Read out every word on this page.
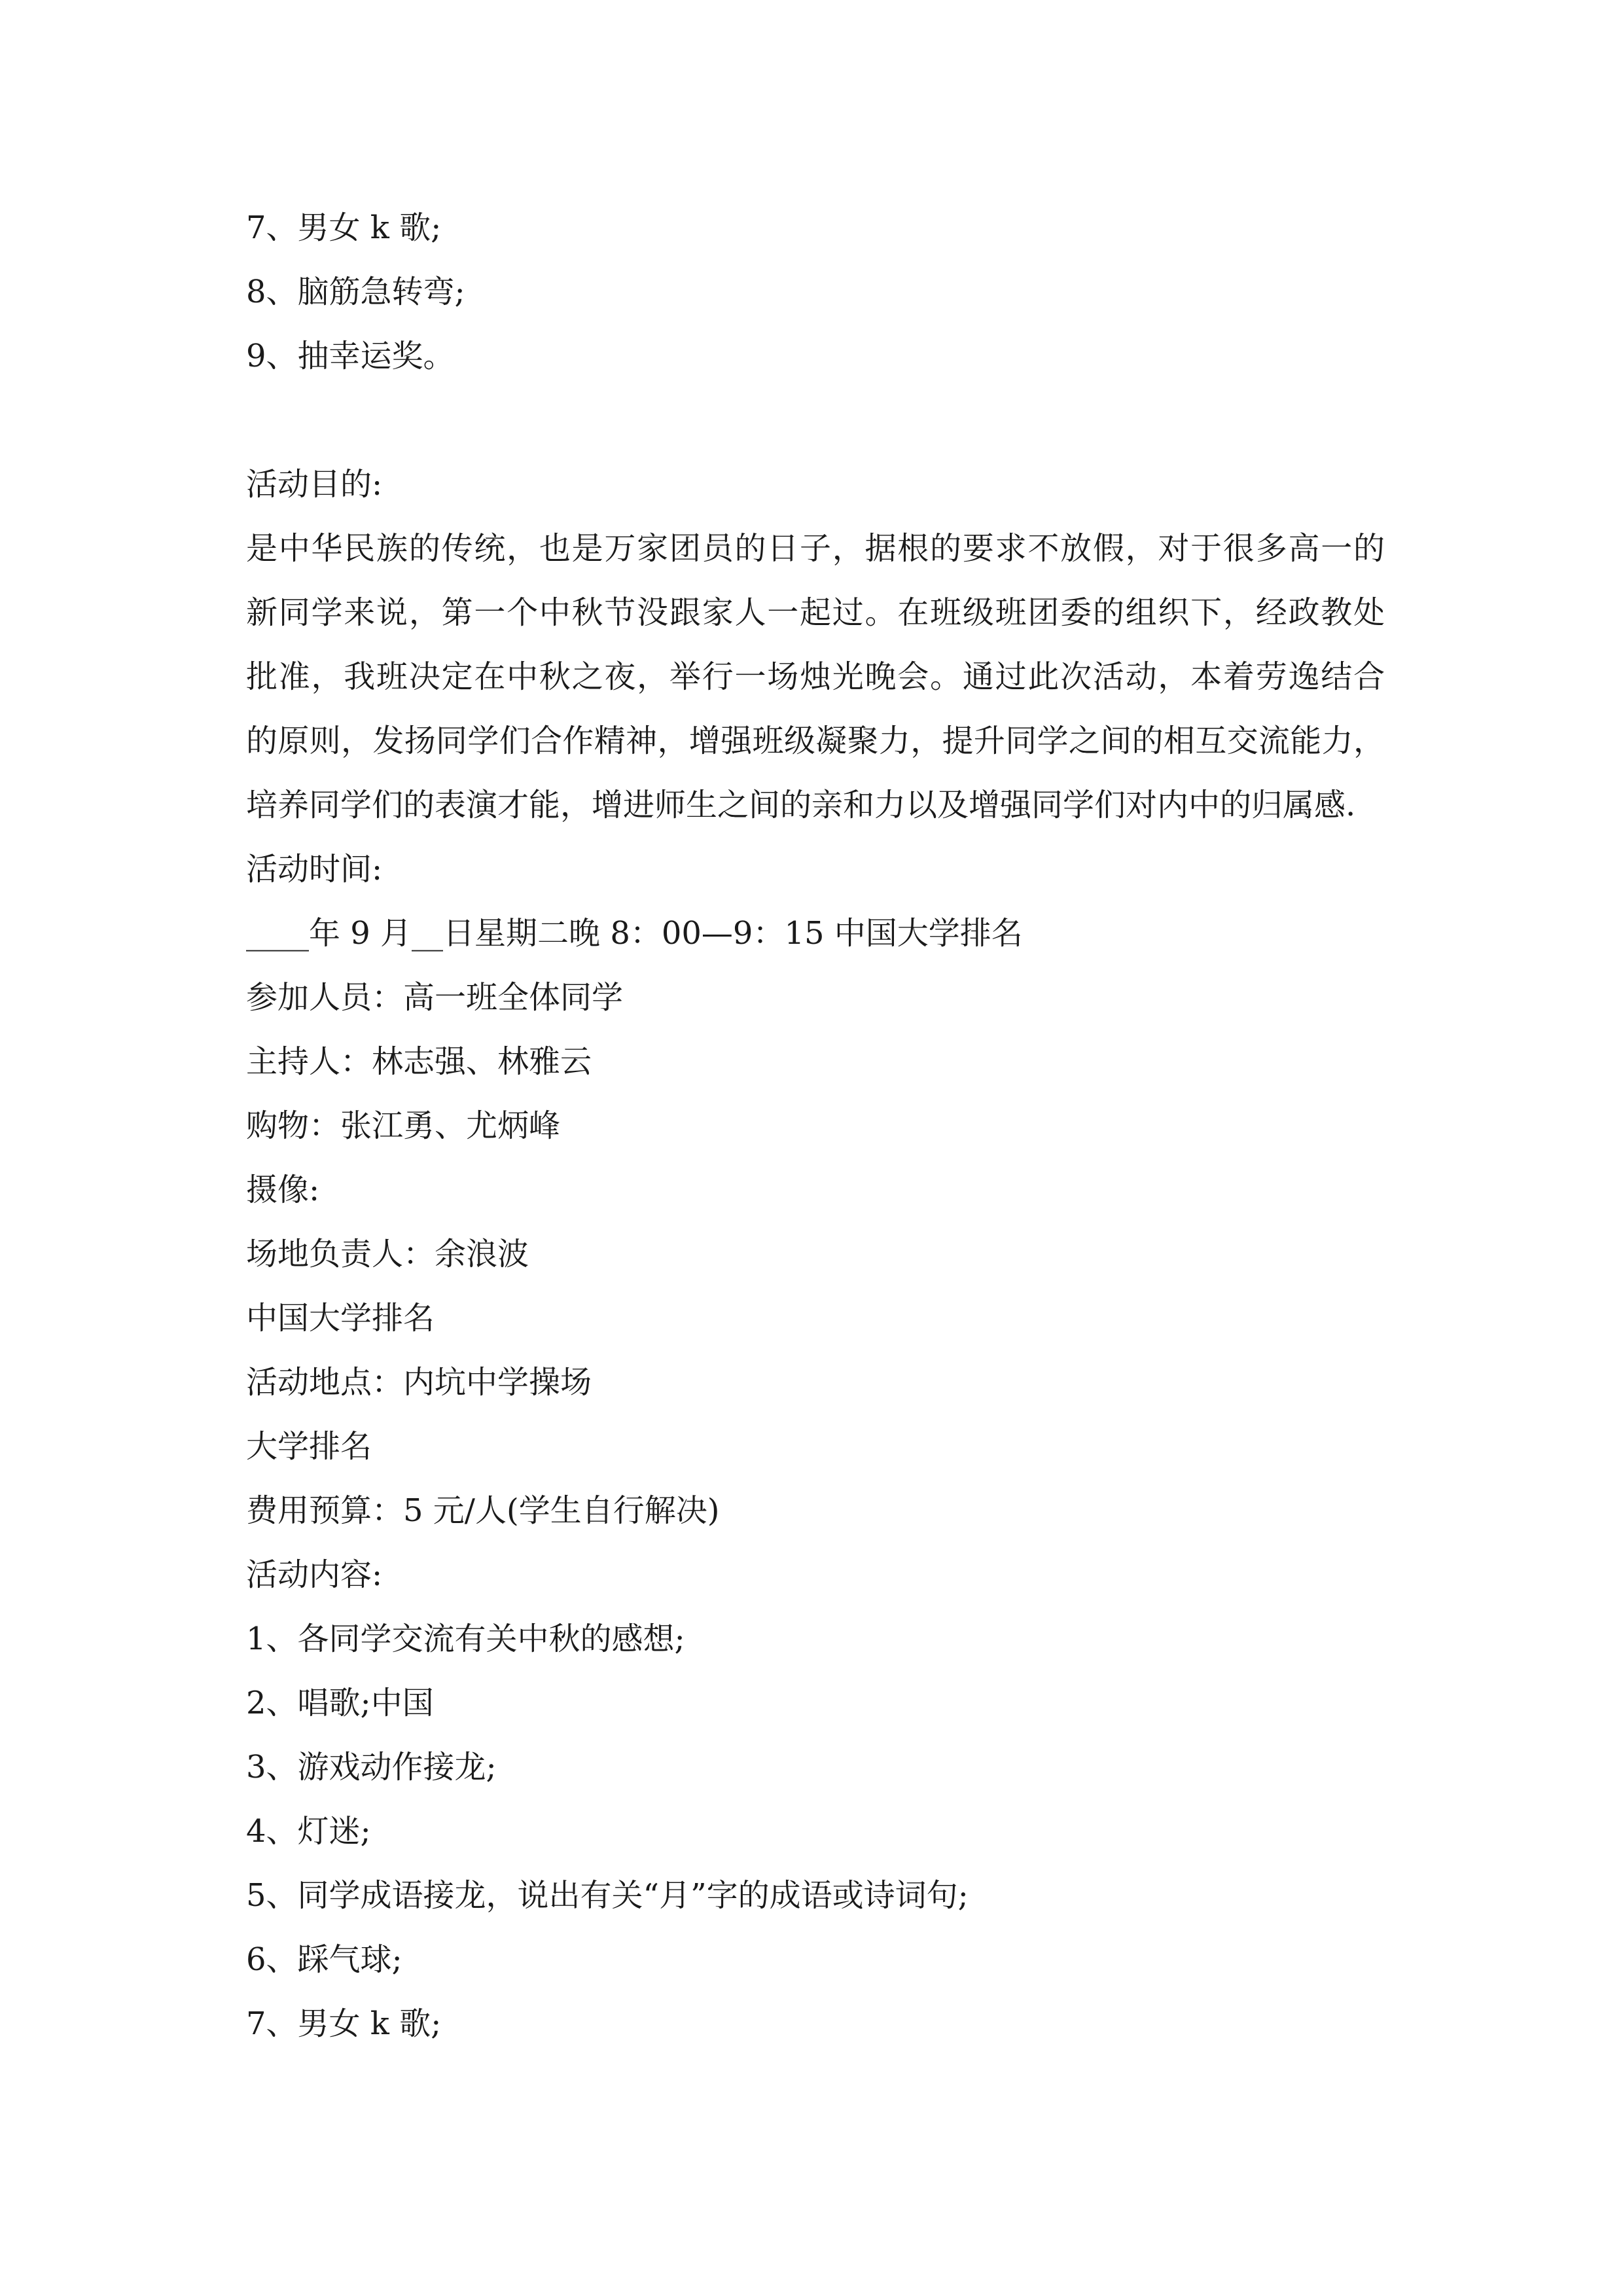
7、男女 k 歌;
8、脑筋急转弯;
9、抽幸运奖。
活动目的:
是中华民族的传统，也是万家团员的日子，据根的要求不放假，对于很多高一的
新同学来说，第一个中秋节没跟家人一起过。在班级班团委的组织下，经政教处
批准，我班决定在中秋之夜，举行一场烛光晚会。通过此次活动，本着劳逸结合
的原则，发扬同学们合作精神，增强班级凝聚力，提升同学之间的相互交流能力，
培养同学们的表演才能，增进师生之间的亲和力以及增强同学们对内中的归属感.
活动时间:
____年 9 月__日星期二晚 8：00—9：15 中国大学排名
参加人员：高一班全体同学
主持人：林志强、林雅云
购物：张江勇、尤炳峰
摄像:
场地负责人：余浪波
中国大学排名
活动地点：内坑中学操场
大学排名
费用预算：5 元/人(学生自行解决)
活动内容:
1、各同学交流有关中秋的感想;
2、唱歌;中国
3、游戏动作接龙;
4、灯迷;
5、同学成语接龙，说出有关“月”字的成语或诗词句;
6、踩气球;
7、男女 k 歌;
